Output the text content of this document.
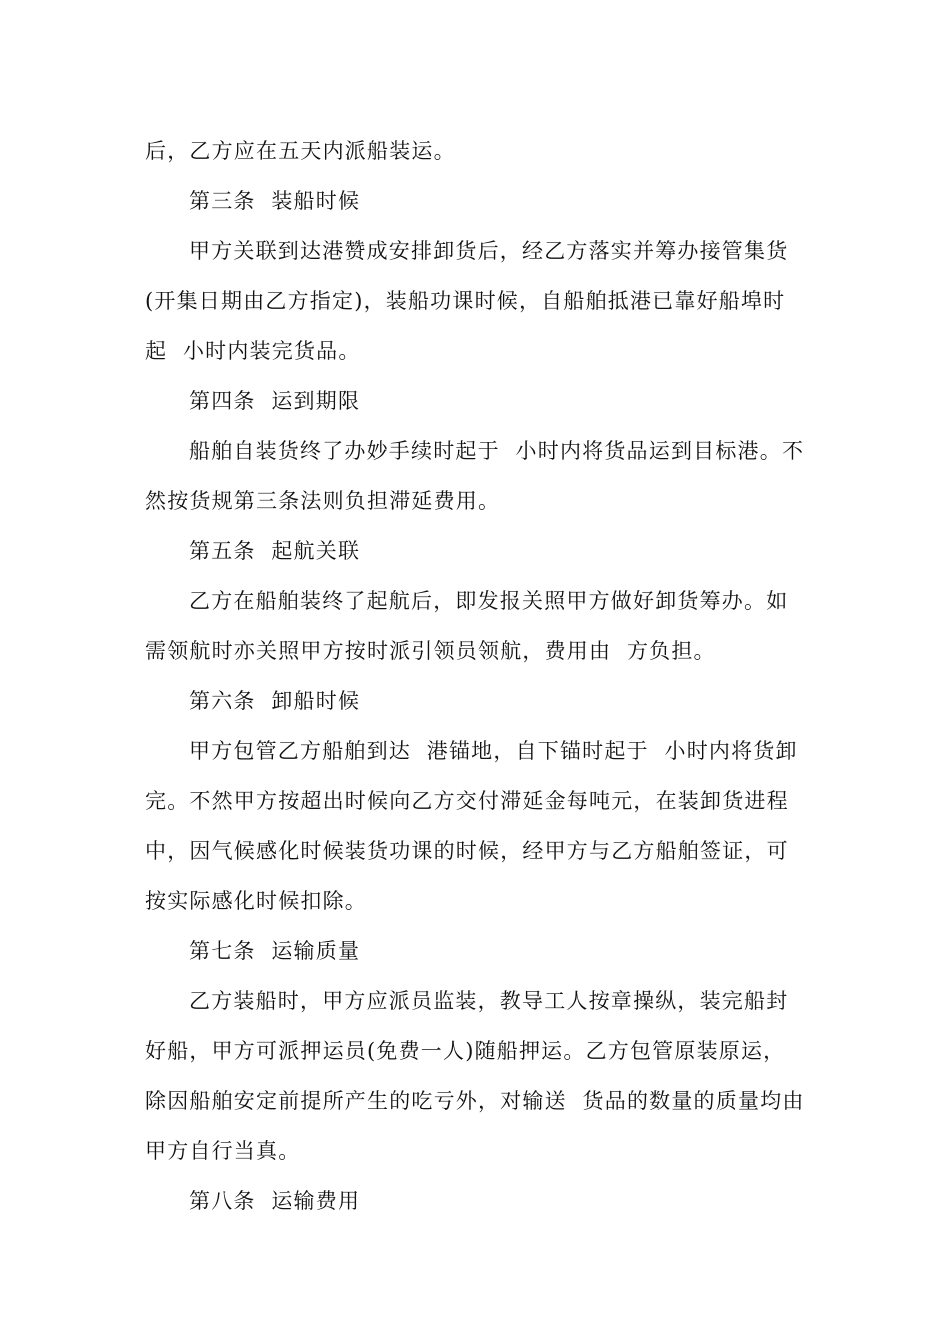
后，乙方应在五天内派船装运。
第三条  装船时候
甲方关联到达港赞成安排卸货后，经乙方落实并筹办接管集货
(开集日期由乙方指定)，装船功课时候，自船舶抵港已靠好船埠时
起  小时内装完货品。
第四条  运到期限
船舶自装货终了办妙手续时起于  小时内将货品运到目标港。不
然按货规第三条法则负担滞延费用。
第五条  起航关联
乙方在船舶装终了起航后，即发报关照甲方做好卸货筹办。如
需领航时亦关照甲方按时派引领员领航，费用由  方负担。
第六条  卸船时候
甲方包管乙方船舶到达  港锚地，自下锚时起于  小时内将货卸
完。不然甲方按超出时候向乙方交付滞延金每吨元，在装卸货进程
中，因气候感化时候装货功课的时候，经甲方与乙方船舶签证，可
按实际感化时候扣除。
第七条  运输质量
乙方装船时，甲方应派员监装，教导工人按章操纵，装完船封
好船，甲方可派押运员(免费一人)随船押运。乙方包管原装原运，
除因船舶安定前提所产生的吃亏外，对输送  货品的数量的质量均由
甲方自行当真。
第八条  运输费用
